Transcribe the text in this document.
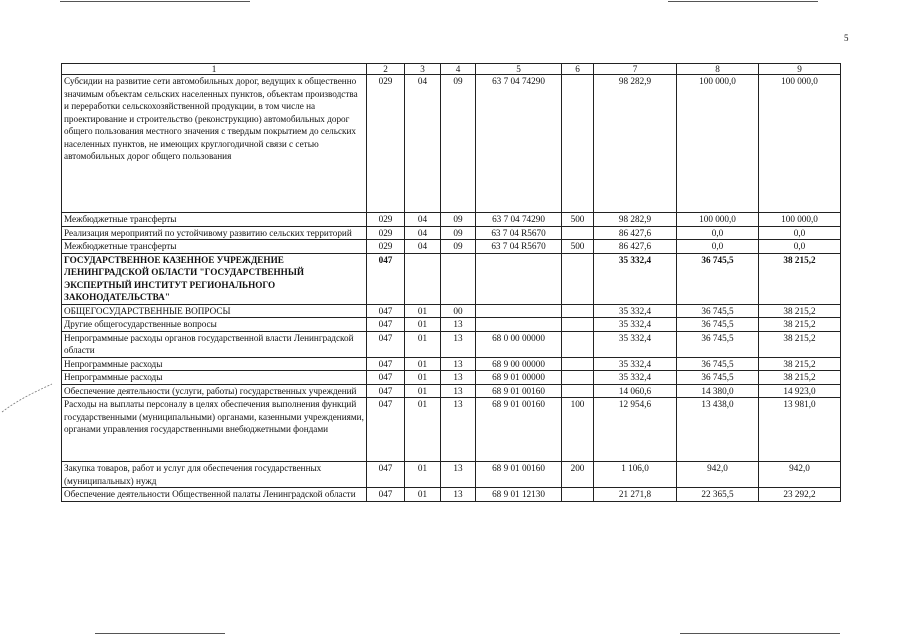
5
1	2	3	4	5	6	7	8	9
Субсидии на развитие сети автомобильных дорог, ведущих к общественно значимым объектам сельских населенных пунктов, объектам производства и переработки сельскохозяйственной продукции, в том числе на проектирование и строительство (реконструкцию) автомобильных дорог общего пользования местного значения с твердым покрытием до сельских населенных пунктов, не имеющих круглогодичной связи с сетью автомобильных дорог общего пользования	029	04	09	63 7 04 74290		98 282,9	100 000,0	100 000,0
Межбюджетные трансферты	029	04	09	63 7 04 74290	500	98 282,9	100 000,0	100 000,0
Реализация мероприятий по устойчивому развитию сельских территорий	029	04	09	63 7 04 R5670		86 427,6	0,0	0,0
Межбюджетные трансферты	029	04	09	63 7 04 R5670	500	86 427,6	0,0	0,0
ГОСУДАРСТВЕННОЕ КАЗЕННОЕ УЧРЕЖДЕНИЕ ЛЕНИНГРАДСКОЙ ОБЛАСТИ "ГОСУДАРСТВЕННЫЙ ЭКСПЕРТНЫЙ ИНСТИТУТ РЕГИОНАЛЬНОГО ЗАКОНОДАТЕЛЬСТВА"	047					35 332,4	36 745,5	38 215,2
ОБЩЕГОСУДАРСТВЕННЫЕ ВОПРОСЫ	047	01	00			35 332,4	36 745,5	38 215,2
Другие общегосударственные вопросы	047	01	13			35 332,4	36 745,5	38 215,2
Непрограммные расходы органов государственной власти Ленинградской области	047	01	13	68 0 00 00000		35 332,4	36 745,5	38 215,2
Непрограммные расходы	047	01	13	68 9 00 00000		35 332,4	36 745,5	38 215,2
Непрограммные расходы	047	01	13	68 9 01 00000		35 332,4	36 745,5	38 215,2
Обеспечение деятельности (услуги, работы) государственных учреждений	047	01	13	68 9 01 00160		14 060,6	14 380,0	14 923,0
Расходы на выплаты персоналу в целях обеспечения выполнения функций государственными (муниципальными) органами, казенными учреждениями, органами управления государственными внебюджетными фондами	047	01	13	68 9 01 00160	100	12 954,6	13 438,0	13 981,0
Закупка товаров, работ и услуг для обеспечения государственных (муниципальных) нужд	047	01	13	68 9 01 00160	200	1 106,0	942,0	942,0
Обеспечение деятельности Общественной палаты Ленинградской области	047	01	13	68 9 01 12130		21 271,8	22 365,5	23 292,2
